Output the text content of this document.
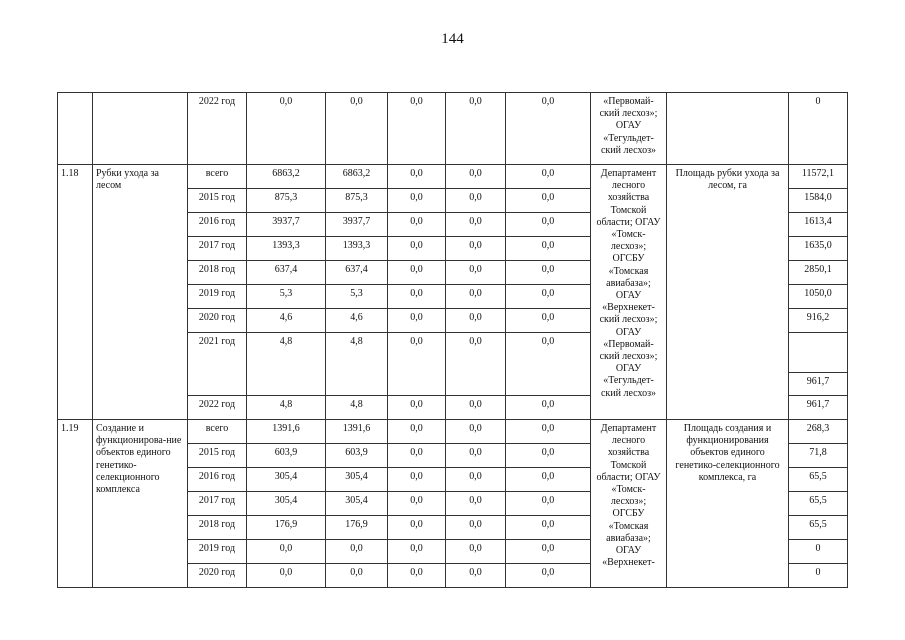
144
		2022 год	0,0	0,0	0,0	0,0	0,0	«Первомай-ский лесхоз»; ОГАУ «Тегульдет-ский лесхоз»		0
1.18	Рубки ухода за лесом	всего	6863,2	6863,2	0,0	0,0	0,0	Департамент лесного хозяйства Томской области; ОГАУ «Томск-лесхоз»; ОГСБУ «Томская авиабаза»; ОГАУ «Верхнекет-ский лесхоз»; ОГАУ «Первомай-ский лесхоз»; ОГАУ «Тегульдет-ский лесхоз»	Площадь рубки ухода за лесом, га	11572,1
		2015 год	875,3	875,3	0,0	0,0	0,0			1584,0
		2016 год	3937,7	3937,7	0,0	0,0	0,0			1613,4
		2017 год	1393,3	1393,3	0,0	0,0	0,0			1635,0
		2018 год	637,4	637,4	0,0	0,0	0,0			2850,1
		2019 год	5,3	5,3	0,0	0,0	0,0			1050,0
		2020 год	4,6	4,6	0,0	0,0	0,0			916,2
		2021 год	4,8	4,8	0,0	0,0	0,0			961,7

		2022 год	4,8	4,8	0,0	0,0	0,0			961,7
1.19	Создание и функционирова-ние объектов единого генетико-селекционного комплекса	всего	1391,6	1391,6	0,0	0,0	0,0	Департамент лесного хозяйства Томской области; ОГАУ «Томск-лесхоз»; ОГСБУ «Томская авиабаза»; ОГАУ «Верхнекет-	Площадь создания и функционирования объектов единого генетико-селекционного комплекса, га	268,3
		2015 год	603,9	603,9	0,0	0,0	0,0			71,8
		2016 год	305,4	305,4	0,0	0,0	0,0			65,5
		2017 год	305,4	305,4	0,0	0,0	0,0			65,5
		2018 год	176,9	176,9	0,0	0,0	0,0			65,5
		2019 год	0,0	0,0	0,0	0,0	0,0			0
		2020 год	0,0	0,0	0,0	0,0	0,0			0
